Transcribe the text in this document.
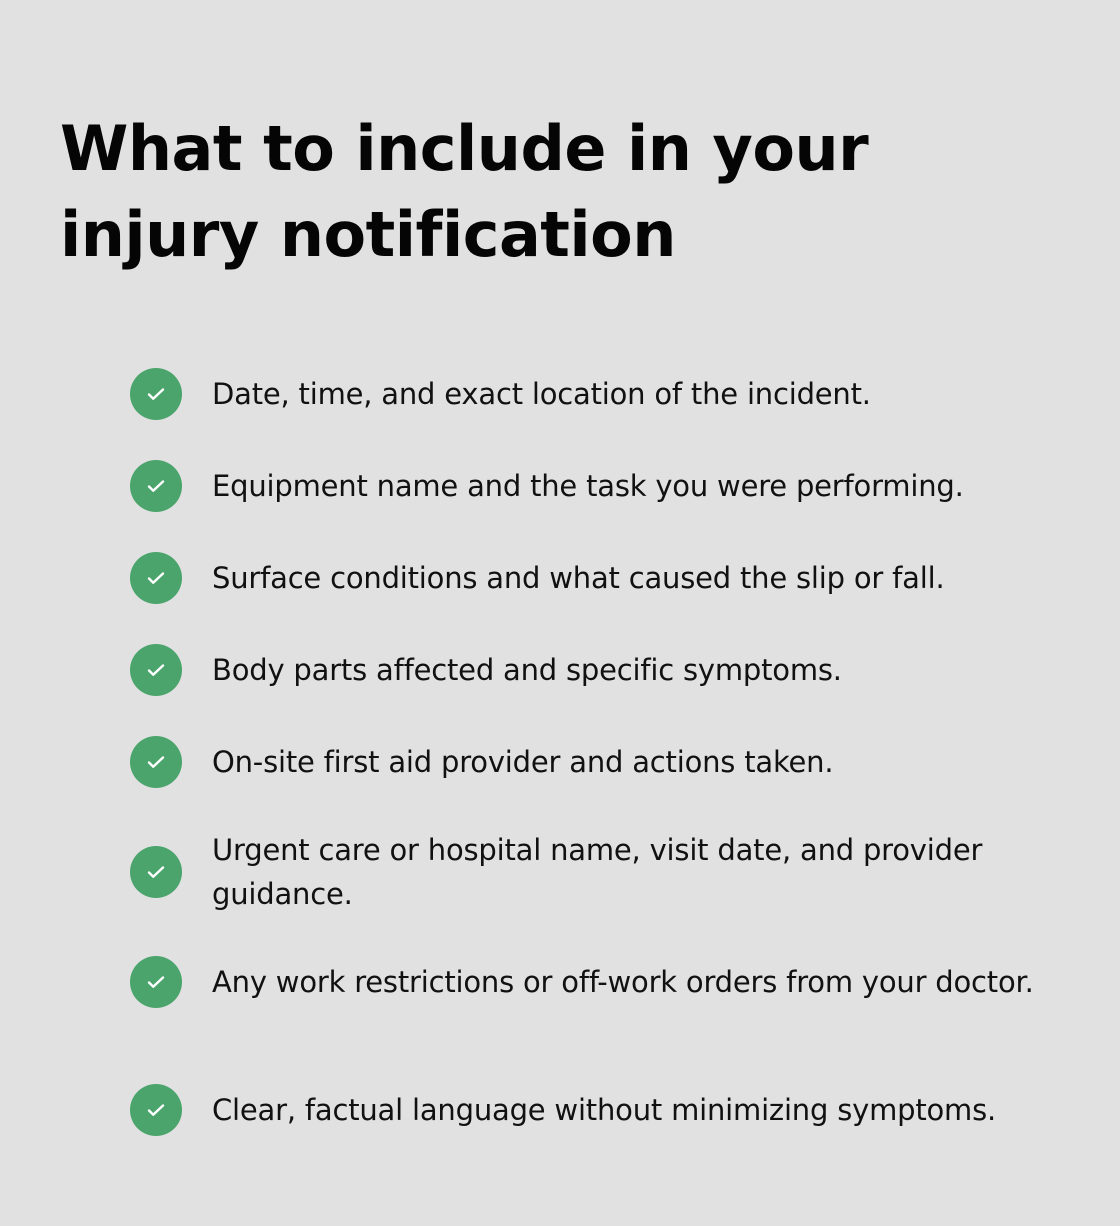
What to include in your injury notification
Date, time, and exact location of the incident.
Equipment name and the task you were performing.
Surface conditions and what caused the slip or fall.
Body parts affected and specific symptoms.
On-site first aid provider and actions taken.
Urgent care or hospital name, visit date, and provider guidance.
Any work restrictions or off-work orders from your doctor.
Clear, factual language without minimizing symptoms.
